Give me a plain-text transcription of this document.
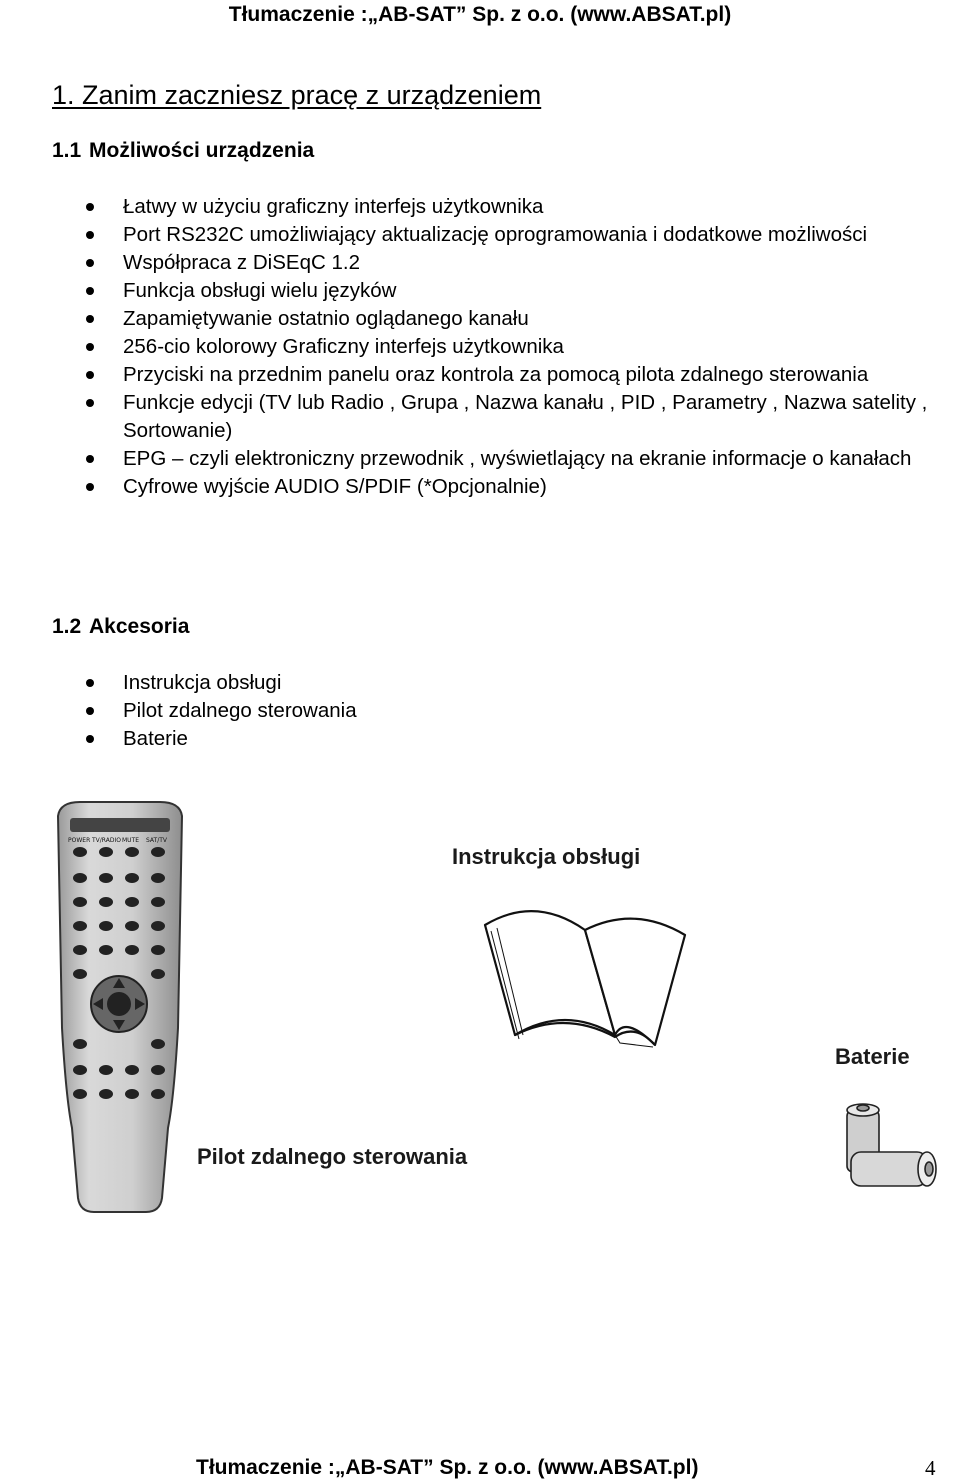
Tłumaczenie :„AB-SAT” Sp. z o.o. (www.ABSAT.pl)
1. Zanim zaczniesz pracę z urządzeniem
1.1 Możliwości urządzenia
Łatwy w użyciu graficzny interfejs użytkownika
Port RS232C umożliwiający aktualizację oprogramowania i dodatkowe możliwości
Współpraca z DiSEqC 1.2
Funkcja obsługi wielu języków
Zapamiętywanie ostatnio oglądanego kanału
256-cio kolorowy Graficzny interfejs użytkownika
Przyciski na przednim panelu oraz kontrola za pomocą pilota zdalnego sterowania
Funkcje edycji (TV lub Radio , Grupa , Nazwa kanału , PID , Parametry , Nazwa satelity , Sortowanie)
EPG – czyli elektroniczny przewodnik , wyświetlający na ekranie informacje o kanałach
Cyfrowe wyjście AUDIO S/PDIF (*Opcjonalnie)
1.2 Akcesoria
Instrukcja obsługi
Pilot zdalnego sterowania
Baterie
POWER TV/RADIO MUTE SAT/TV
Instrukcja obsługi
Baterie
Pilot zdalnego sterowania
Tłumaczenie :„AB-SAT” Sp. z o.o. (www.ABSAT.pl)	4
